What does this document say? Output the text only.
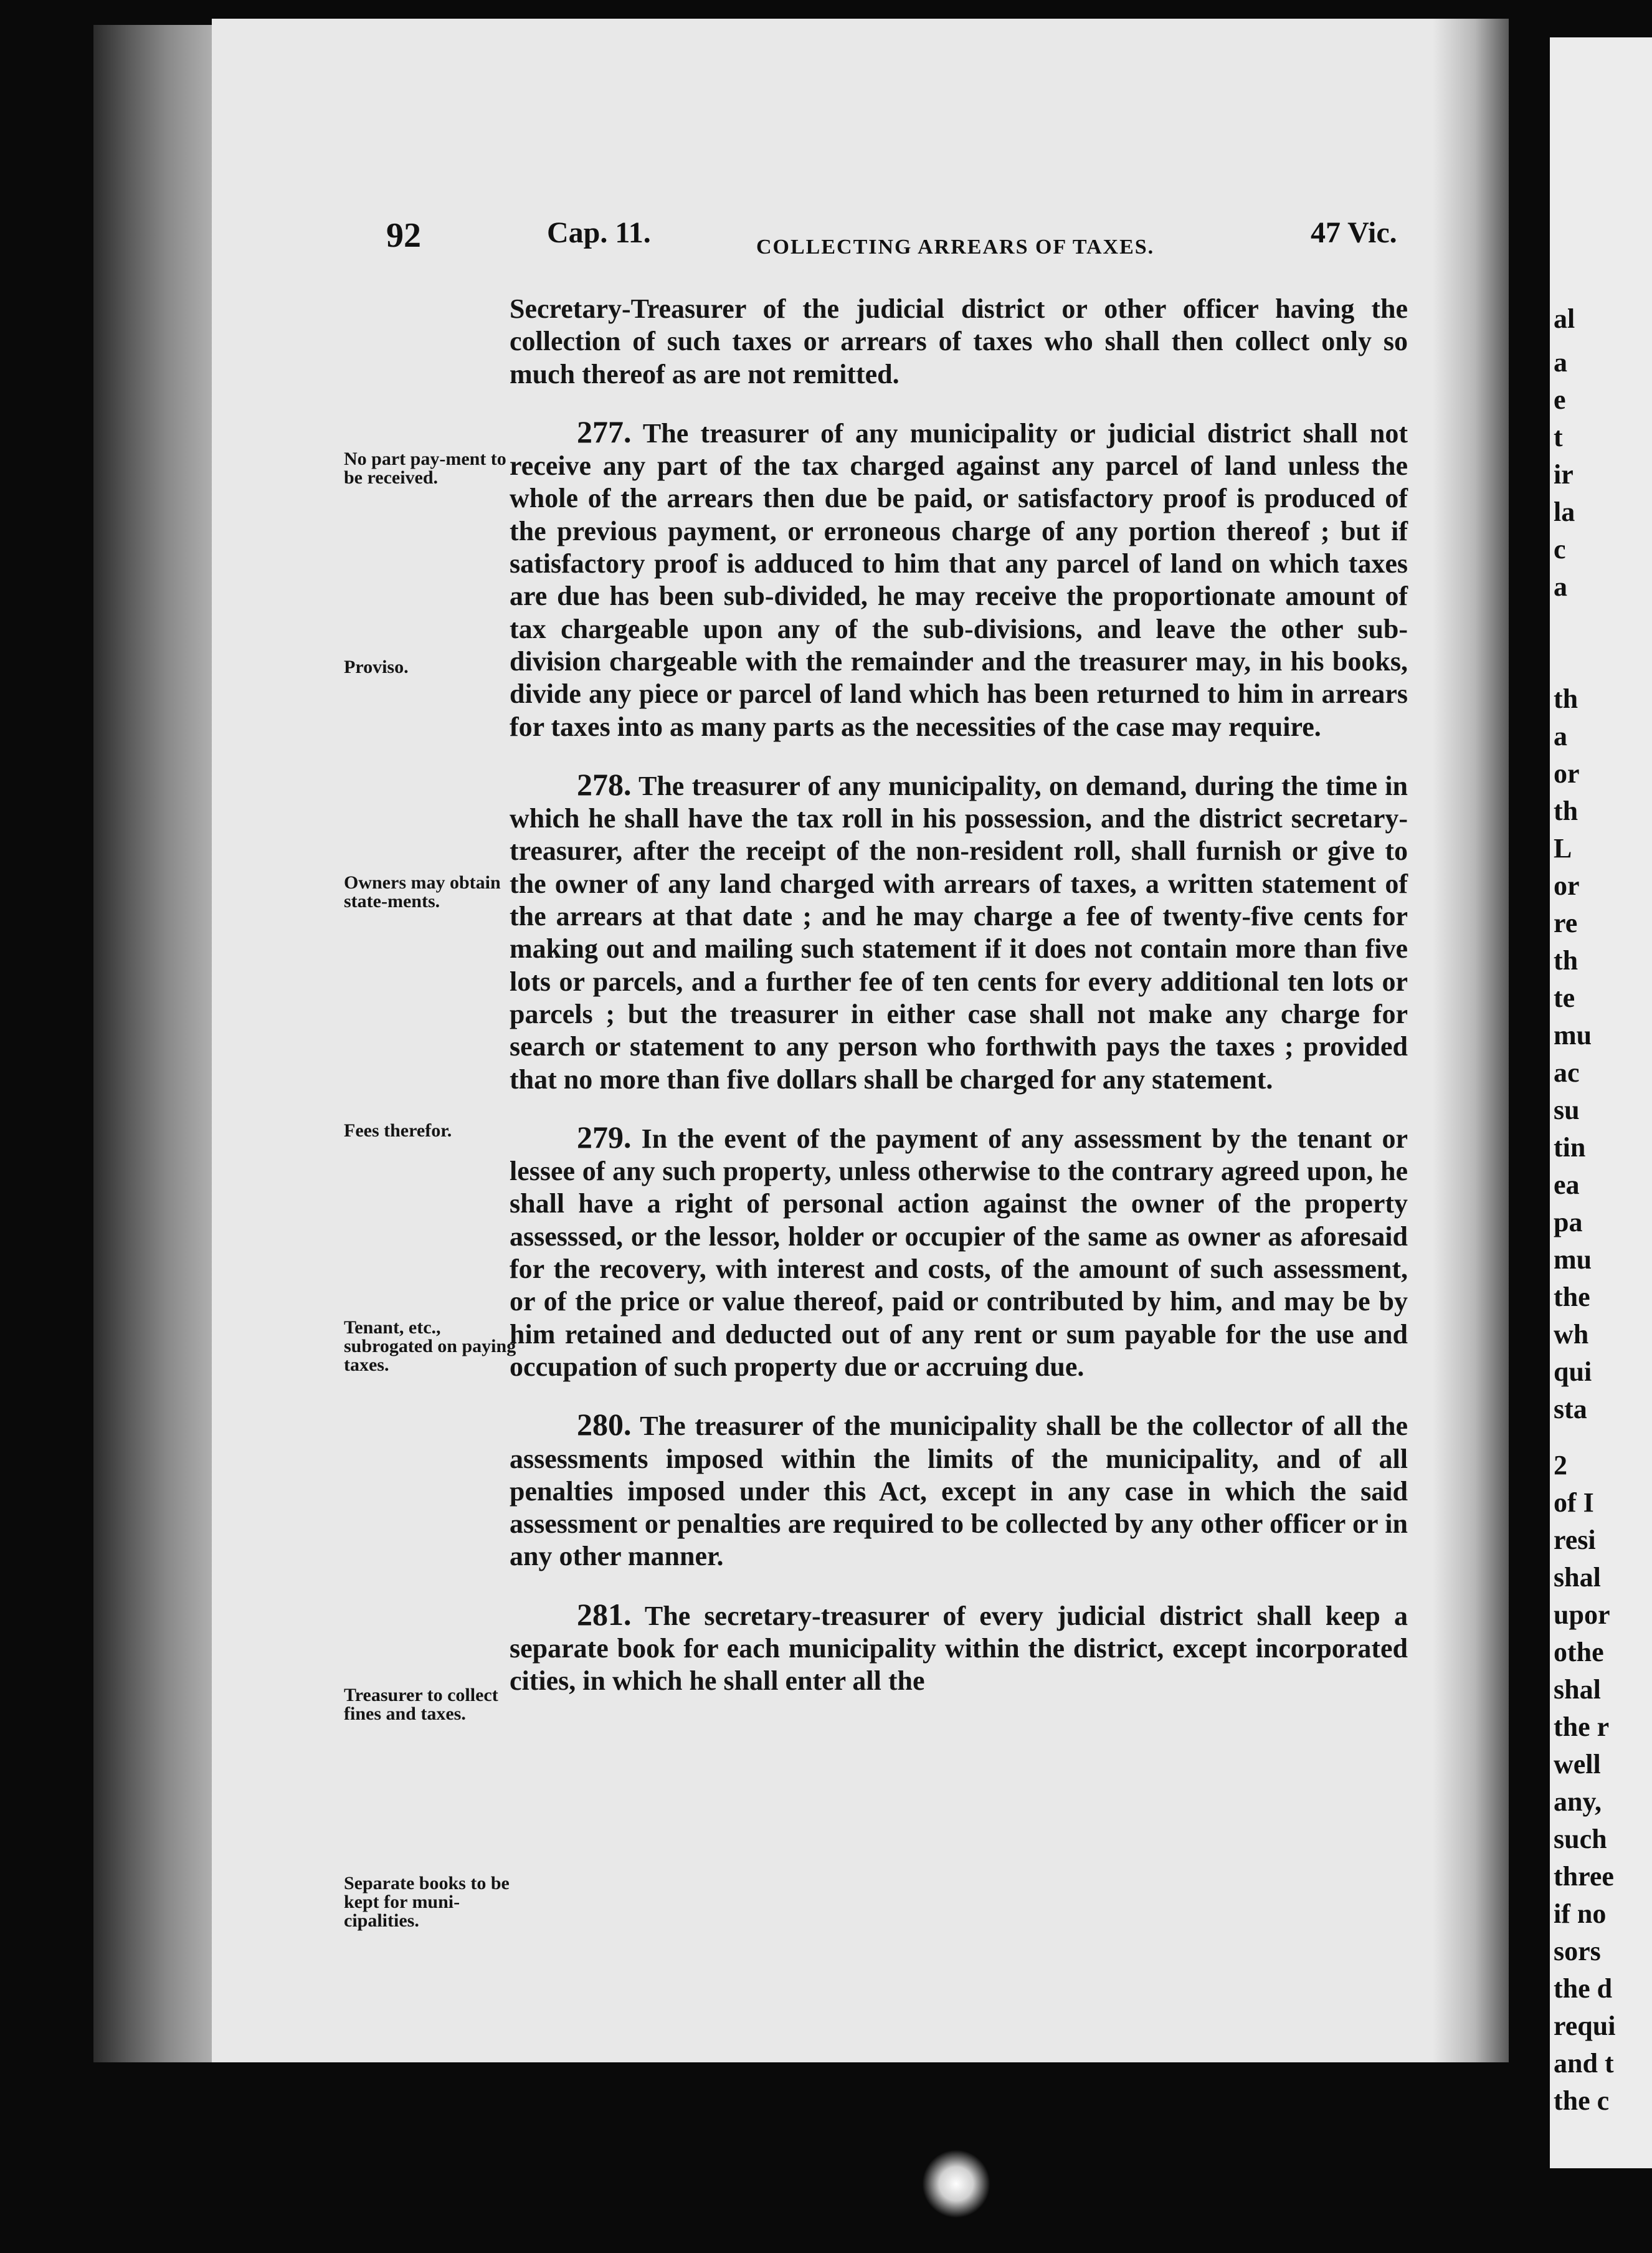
al
a
e
t
ir
la
c
a
th
a
or
th
L
or
re
th
te
mu
ac
su
tin
ea
pa
mu
the
wh
qui
sta
2
of I
resi
shal
upor
othe
shal
the r
well
any,
such
three
if no
sors
the d
requi
and t
the c
92	Cap. 11.	COLLECTING ARREARS OF TAXES.	47 Vic.
No part pay-ment to be received.
Proviso.
Owners may obtain state-ments.
Fees therefor.
Tenant, etc., subrogated on paying taxes.
Treasurer to collect fines and taxes.
Separate books to be kept for muni-cipalities.

Secretary-Treasurer of the judicial district or other officer having the collection of such taxes or arrears of taxes who shall then collect only so much thereof as are not remitted.

277. The treasurer of any municipality or judicial district shall not receive any part of the tax charged against any parcel of land unless the whole of the arrears then due be paid, or satisfactory proof is produced of the previous payment, or erroneous charge of any portion thereof ; but if satisfactory proof is adduced to him that any parcel of land on which taxes are due has been sub-divided, he may receive the proportionate amount of tax chargeable upon any of the sub-divisions, and leave the other sub-division chargeable with the remainder and the treasurer may, in his books, divide any piece or parcel of land which has been returned to him in arrears for taxes into as many parts as the necessities of the case may require.

278. The treasurer of any municipality, on demand, during the time in which he shall have the tax roll in his possession, and the district secretary-treasurer, after the receipt of the non-resident roll, shall furnish or give to the owner of any land charged with arrears of taxes, a written statement of the arrears at that date ; and he may charge a fee of twenty-five cents for making out and mailing such statement if it does not contain more than five lots or parcels, and a further fee of ten cents for every additional ten lots or parcels ; but the treasurer in either case shall not make any charge for search or statement to any person who forthwith pays the taxes ; provided that no more than five dollars shall be charged for any statement.

279. In the event of the payment of any assessment by the tenant or lessee of any such property, unless otherwise to the contrary agreed upon, he shall have a right of personal action against the owner of the property assesssed, or the lessor, holder or occupier of the same as owner as aforesaid for the recovery, with interest and costs, of the amount of such assessment, or of the price or value thereof, paid or contributed by him, and may be by him retained and deducted out of any rent or sum payable for the use and occupation of such property due or accruing due.

280. The treasurer of the municipality shall be the collector of all the assessments imposed within the limits of the municipality, and of all penalties imposed under this Act, except in any case in which the said assessment or penalties are required to be collected by any other officer or in any other manner.

281. The secretary-treasurer of every judicial district shall keep a separate book for each municipality within the district, except incorporated cities, in which he shall enter all the
